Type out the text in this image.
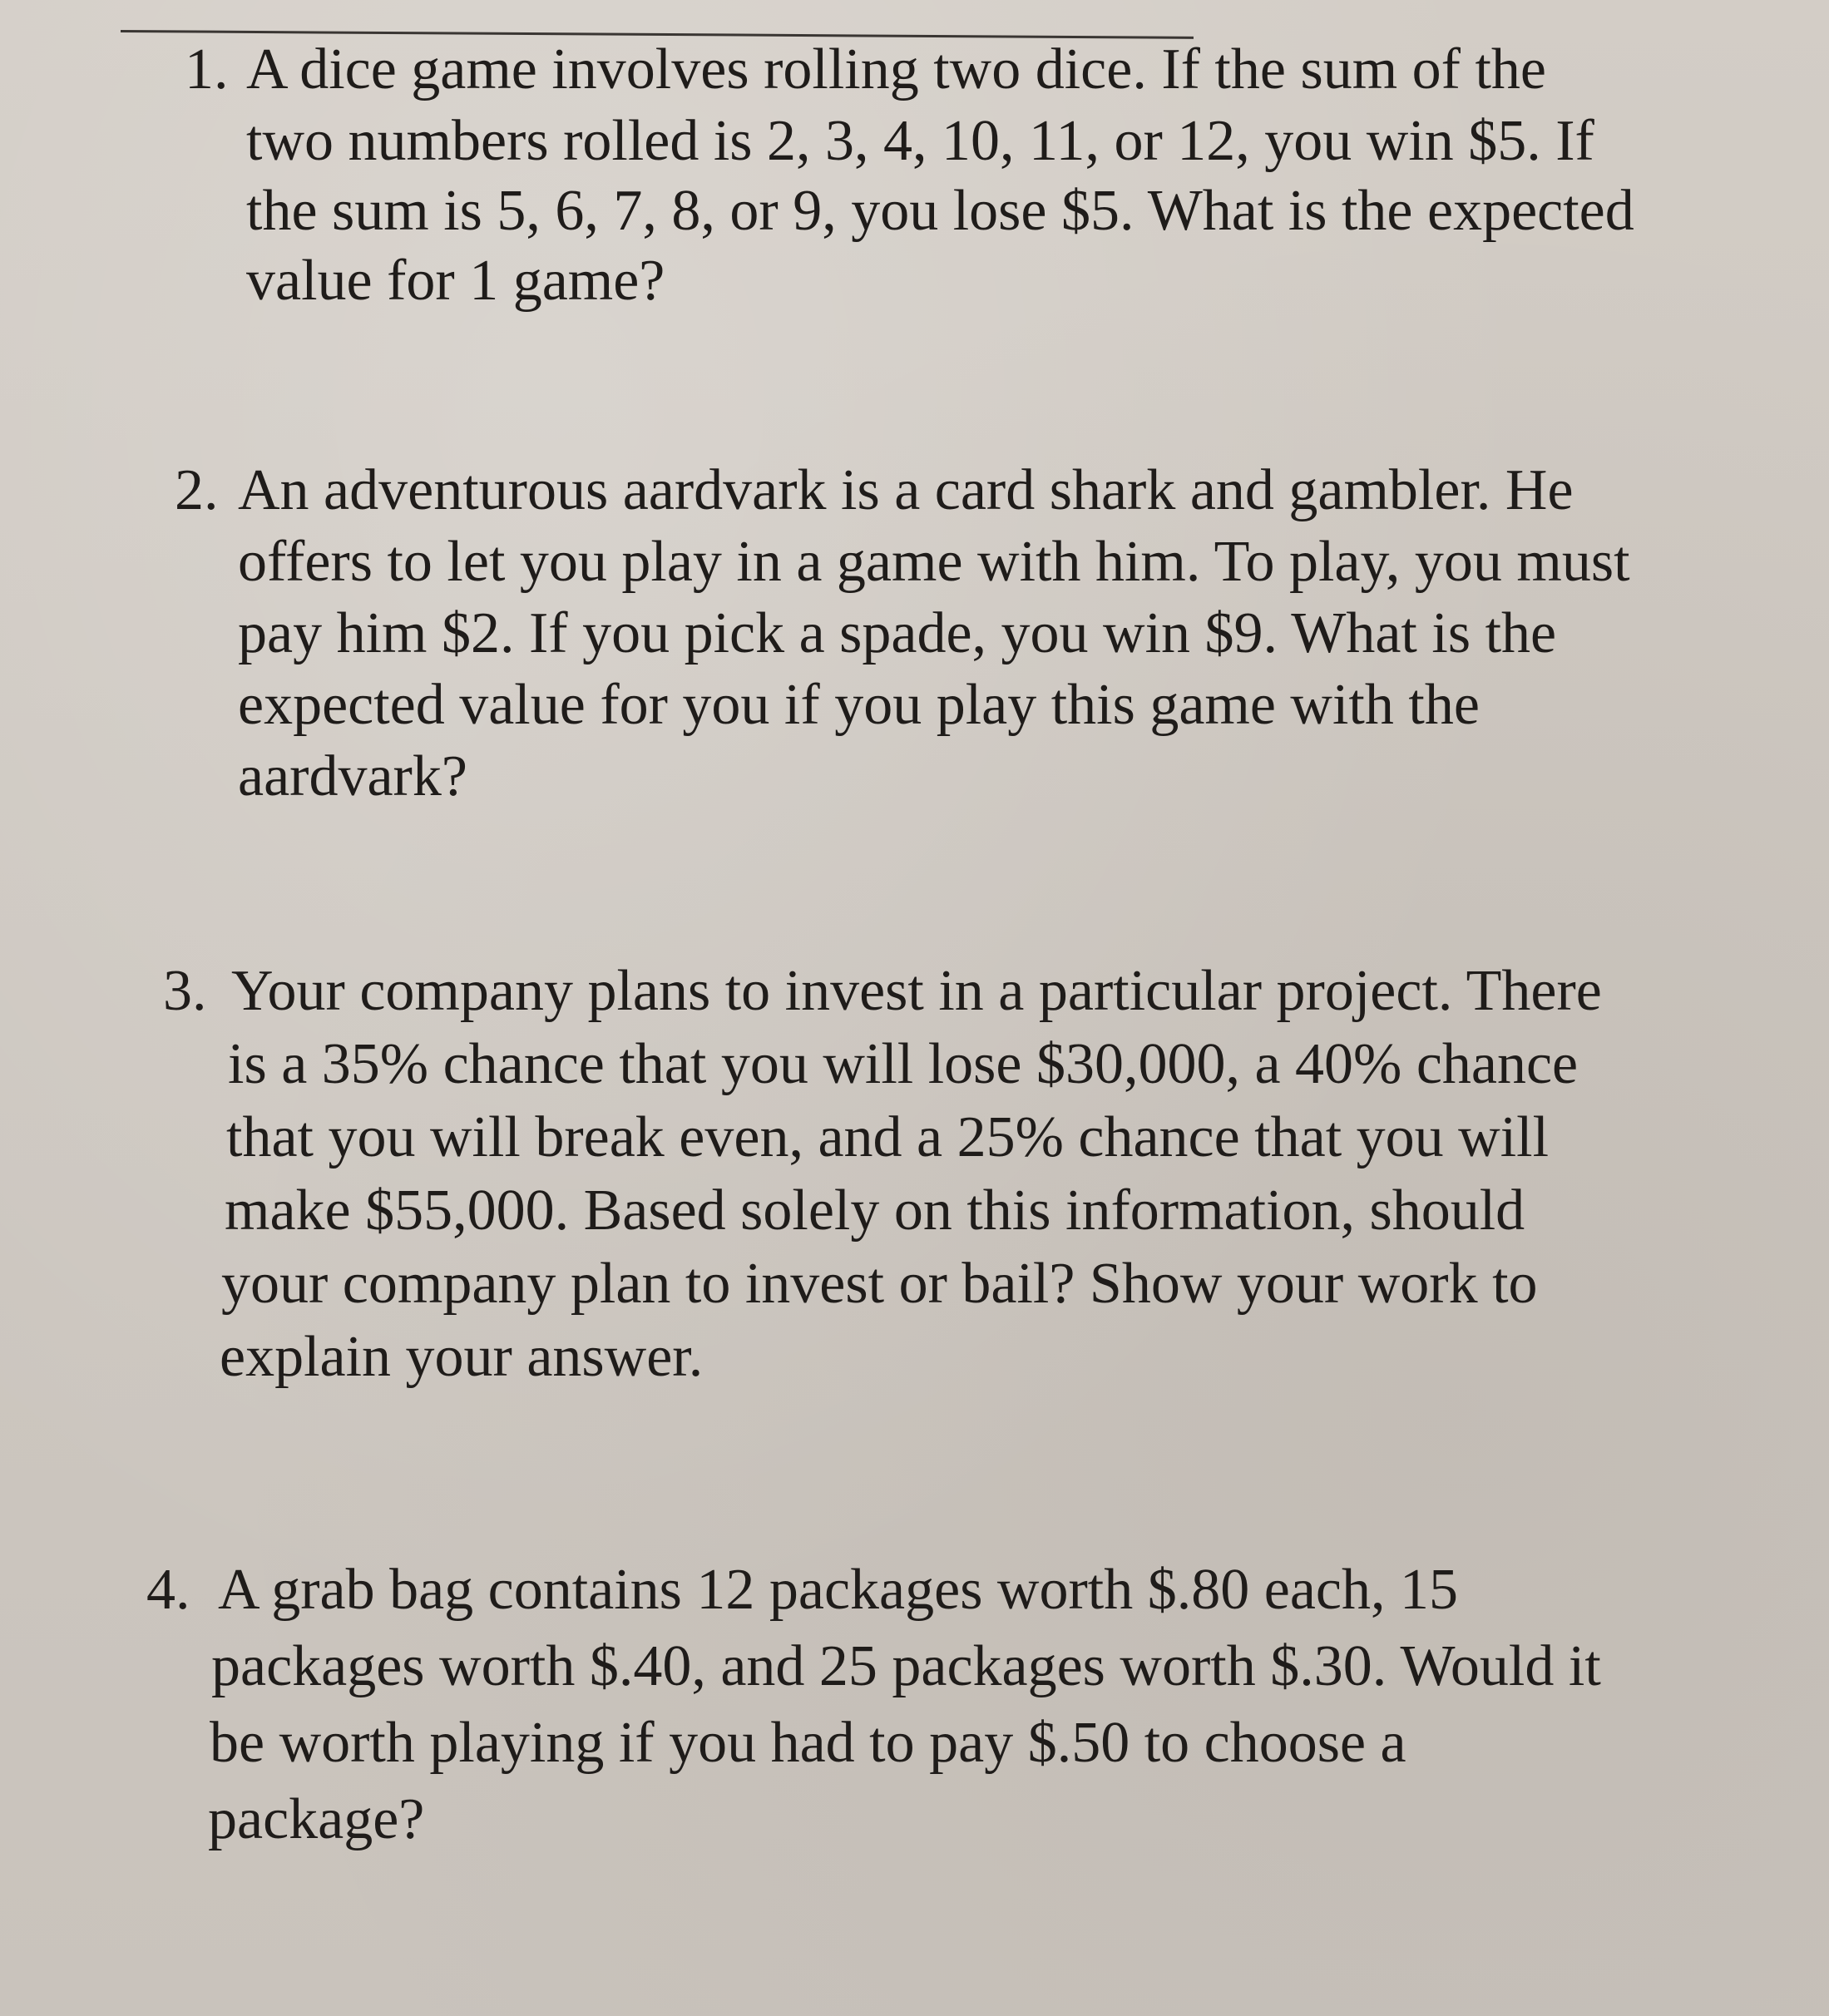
1. A dice game involves rolling two dice. If the sum of the
two numbers rolled is 2, 3, 4, 10, 11, or 12, you win $5. If
the sum is 5, 6, 7, 8, or 9, you lose $5. What is the expected
value for 1 game?
2. An adventurous aardvark is a card shark and gambler. He
offers to let you play in a game with him. To play, you must
pay him $2. If you pick a spade, you win $9. What is the
expected value for you if you play this game with the
aardvark?
3. Your company plans to invest in a particular project. There
is a 35% chance that you will lose $30,000, a 40% chance
that you will break even, and a 25% chance that you will
make $55,000. Based solely on this information, should
your company plan to invest or bail? Show your work to
explain your answer.
4. A grab bag contains 12 packages worth $.80 each, 15
packages worth $.40, and 25 packages worth $.30. Would it
be worth playing if you had to pay $.50 to choose a
package?
